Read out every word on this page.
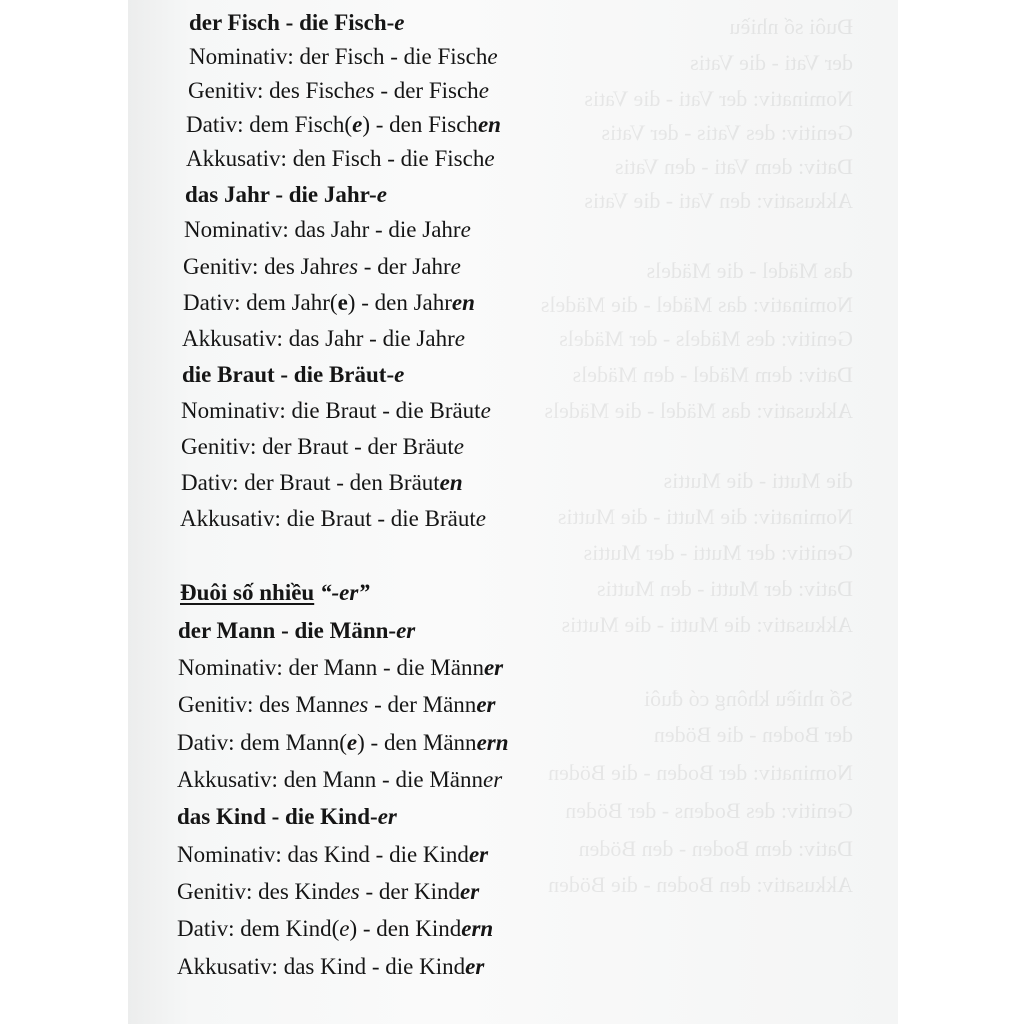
Đuôi số nhiều
der Vati - die Vatis
Nominativ: der Vati - die Vatis
Genitiv: des Vatis - der Vatis
Dativ: dem Vati - den Vatis
Akkusativ: den Vati - die Vatis
das Mädel - die Mädels
Nominativ: das Mädel - die Mädels
Genitiv: des Mädels - der Mädels
Dativ: dem Mädel - den Mädels
Akkusativ: das Mädel - die Mädels
die Mutti - die Muttis
Nominativ: die Mutti - die Muttis
Genitiv: der Mutti - der Muttis
Dativ: der Mutti - den Muttis
Akkusativ: die Mutti - die Muttis
Số nhiều không có đuôi
der Boden - die Böden
Nominativ: der Boden - die Böden
Genitiv: des Bodens - der Böden
Dativ: dem Boden - den Böden
Akkusativ: den Boden - die Böden
der Fisch - die Fisch-e
Nominativ: der Fisch - die Fische
Genitiv: des Fisches - der Fische
Dativ: dem Fisch(e) - den Fischen
Akkusativ: den Fisch - die Fische
das Jahr - die Jahr-e
Nominativ: das Jahr - die Jahre
Genitiv: des Jahres - der Jahre
Dativ: dem Jahr(e) - den Jahren
Akkusativ: das Jahr - die Jahre
die Braut - die Bräut-e
Nominativ: die Braut - die Bräute
Genitiv: der Braut - der Bräute
Dativ: der Braut - den Bräuten
Akkusativ: die Braut - die Bräute
Đuôi số nhiều “-er”
der Mann - die Männ-er
Nominativ: der Mann - die Männer
Genitiv: des Mannes - der Männer
Dativ: dem Mann(e) - den Männern
Akkusativ: den Mann - die Männer
das Kind - die Kind-er
Nominativ: das Kind - die Kinder
Genitiv: des Kindes - der Kinder
Dativ: dem Kind(e) - den Kindern
Akkusativ: das Kind - die Kinder
